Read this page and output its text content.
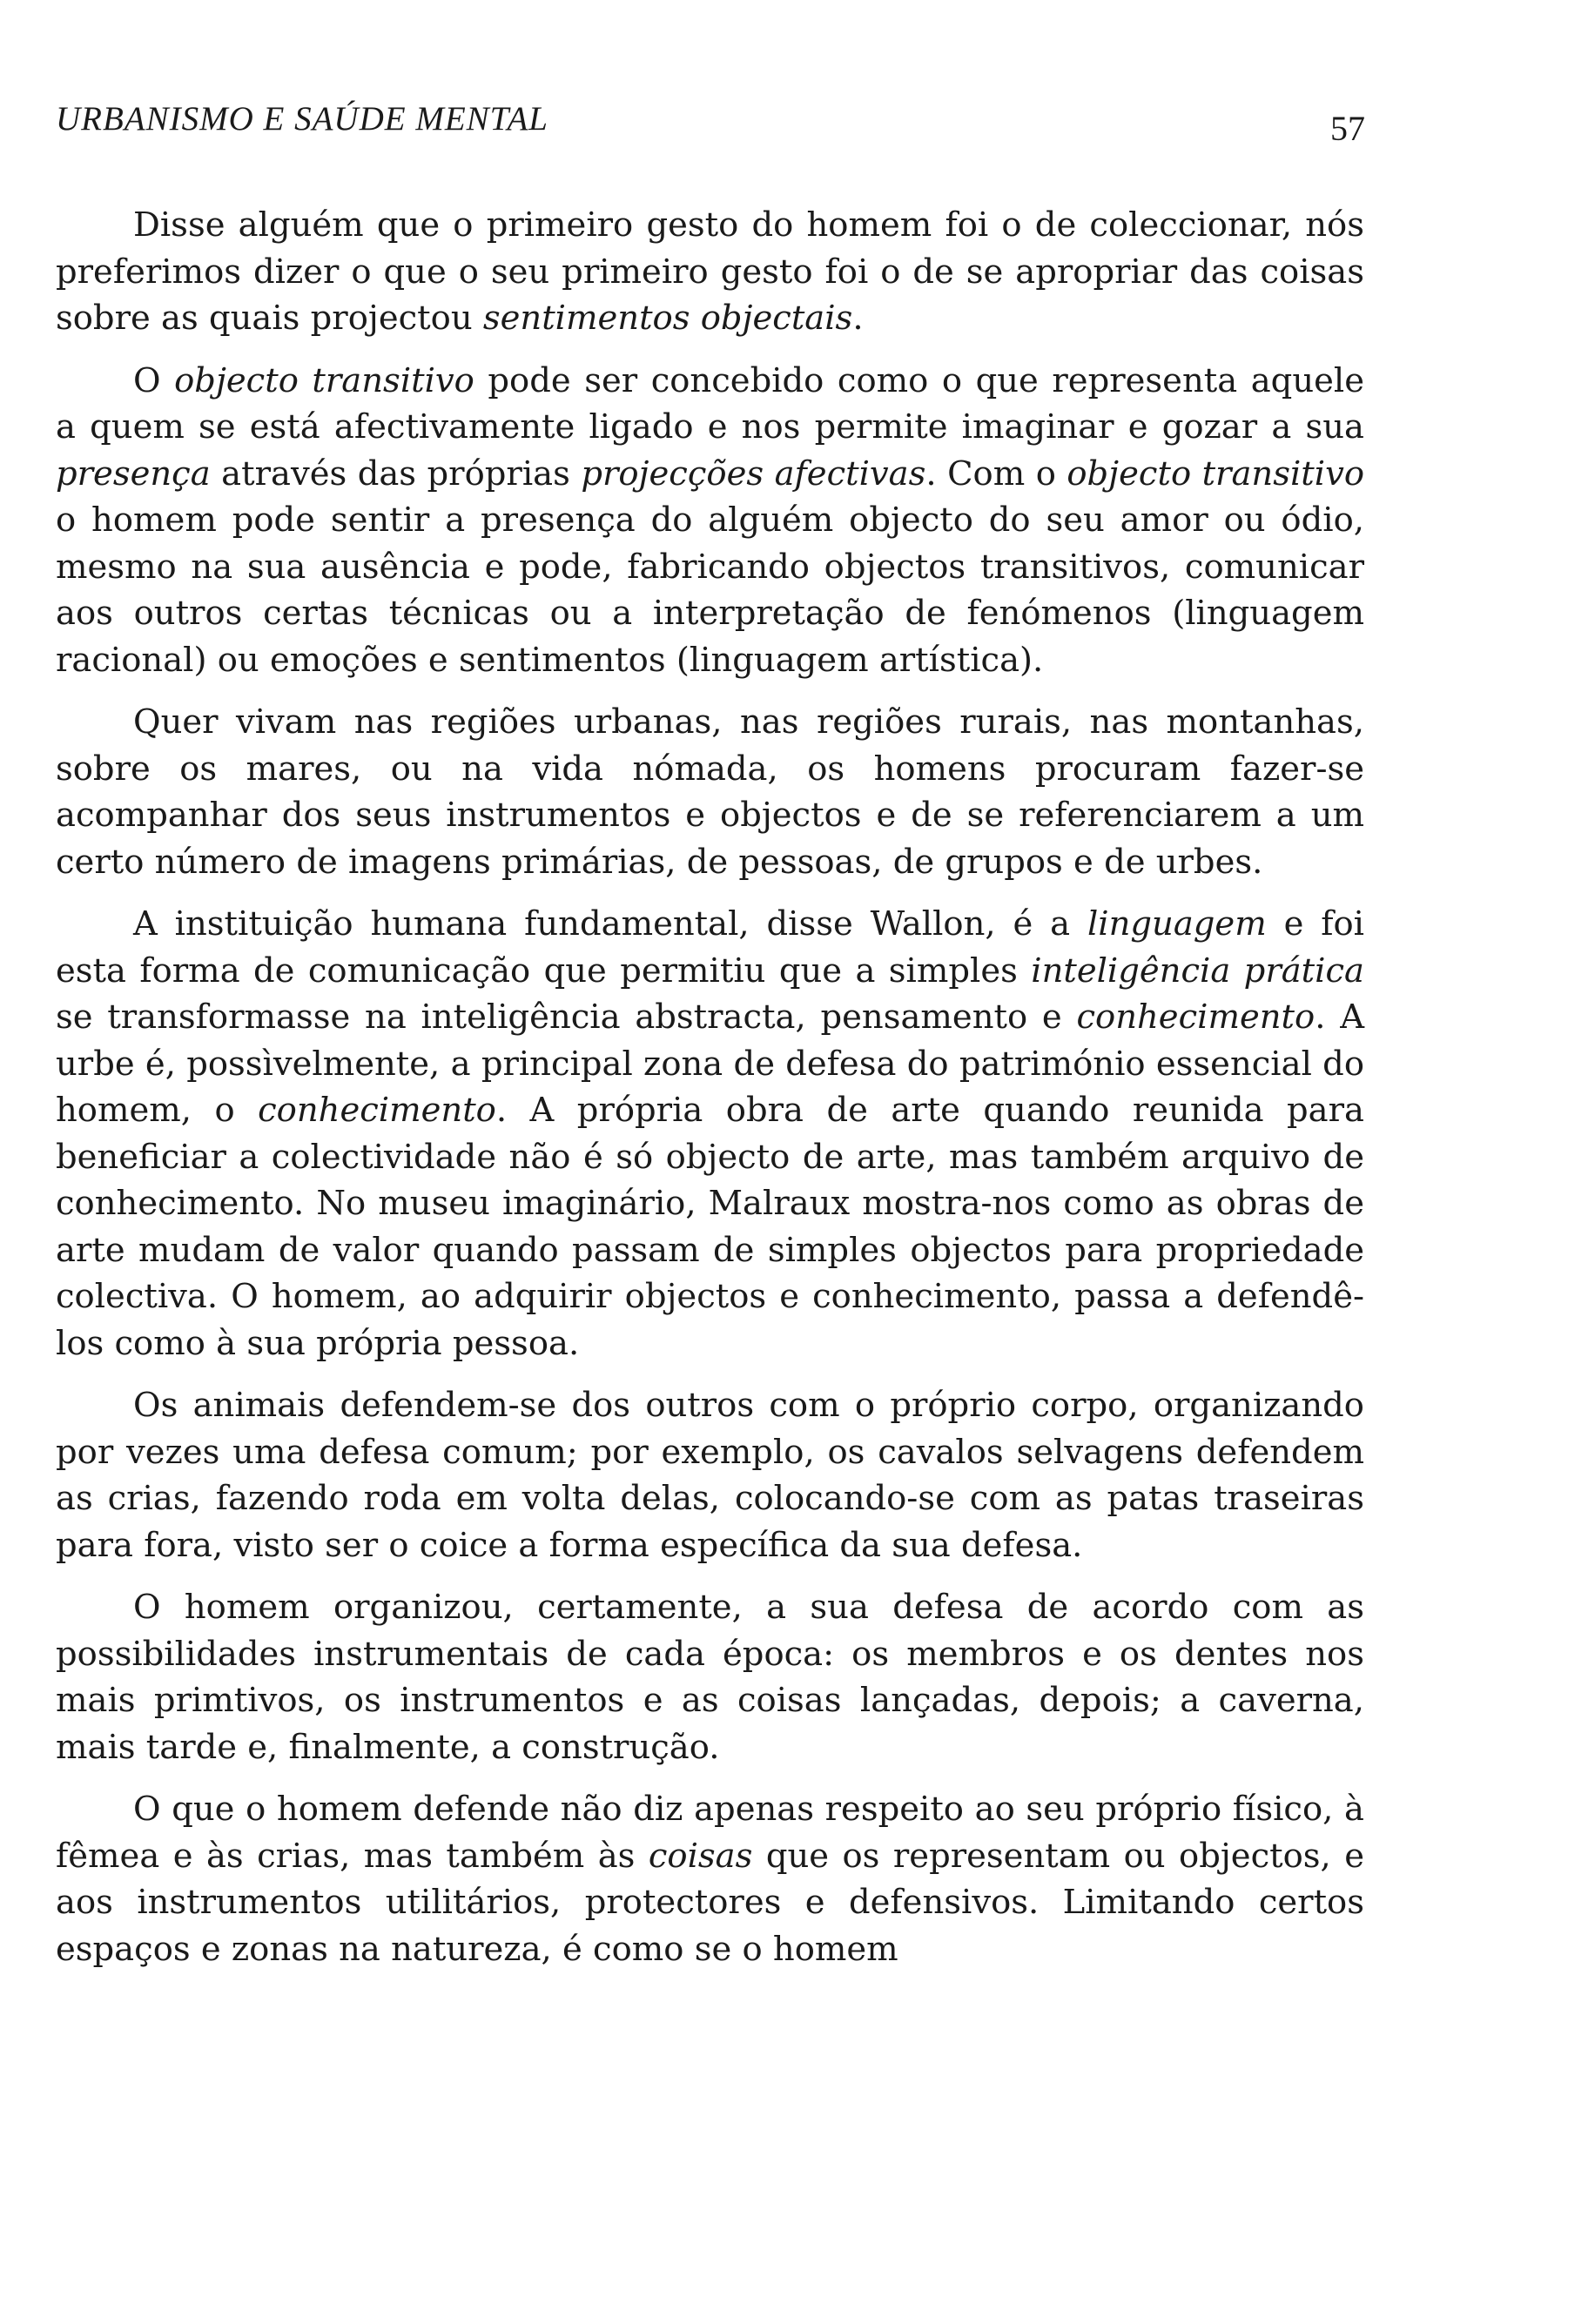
URBANISMO E SAÚDE MENTAL	57

Disse alguém que o primeiro gesto do homem foi o de coleccionar, nós preferimos dizer o que o seu primeiro gesto foi o de se apropriar das coisas sobre as quais projectou sentimentos objectais.

O objecto transitivo pode ser concebido como o que representa aquele a quem se está afectivamente ligado e nos permite imaginar e gozar a sua presença através das próprias projecções afectivas. Com o objecto transitivo o homem pode sentir a presença do alguém objecto do seu amor ou ódio, mesmo na sua ausência e pode, fabricando objectos transitivos, comunicar aos outros certas técnicas ou a interpretação de fenómenos (linguagem racional) ou emoções e sentimentos (linguagem artística).

Quer vivam nas regiões urbanas, nas regiões rurais, nas montanhas, sobre os mares, ou na vida nómada, os homens procuram fazer-se acompanhar dos seus instrumentos e objectos e de se referenciarem a um certo número de imagens primárias, de pessoas, de grupos e de urbes.

A instituição humana fundamental, disse Wallon, é a linguagem e foi esta forma de comunicação que permitiu que a simples inteligência prática se transformasse na inteligência abstracta, pensamento e conhecimento. A urbe é, possìvelmente, a principal zona de defesa do património essencial do homem, o conhecimento. A própria obra de arte quando reunida para beneficiar a colectividade não é só objecto de arte, mas também arquivo de conhecimento. No museu imaginário, Malraux mostra-nos como as obras de arte mudam de valor quando passam de simples objectos para propriedade colectiva. O homem, ao adquirir objectos e conhecimento, passa a defendê-los como à sua própria pessoa.

Os animais defendem-se dos outros com o próprio corpo, organizando por vezes uma defesa comum; por exemplo, os cavalos selvagens defendem as crias, fazendo roda em volta delas, colocando-se com as patas traseiras para fora, visto ser o coice a forma específica da sua defesa.

O homem organizou, certamente, a sua defesa de acordo com as possibilidades instrumentais de cada época: os membros e os dentes nos mais primtivos, os instrumentos e as coisas lançadas, depois; a caverna, mais tarde e, finalmente, a construção.

O que o homem defende não diz apenas respeito ao seu próprio físico, à fêmea e às crias, mas também às coisas que os representam ou objectos, e aos instrumentos utilitários, protectores e defensivos. Limitando certos espaços e zonas na natureza, é como se o homem
